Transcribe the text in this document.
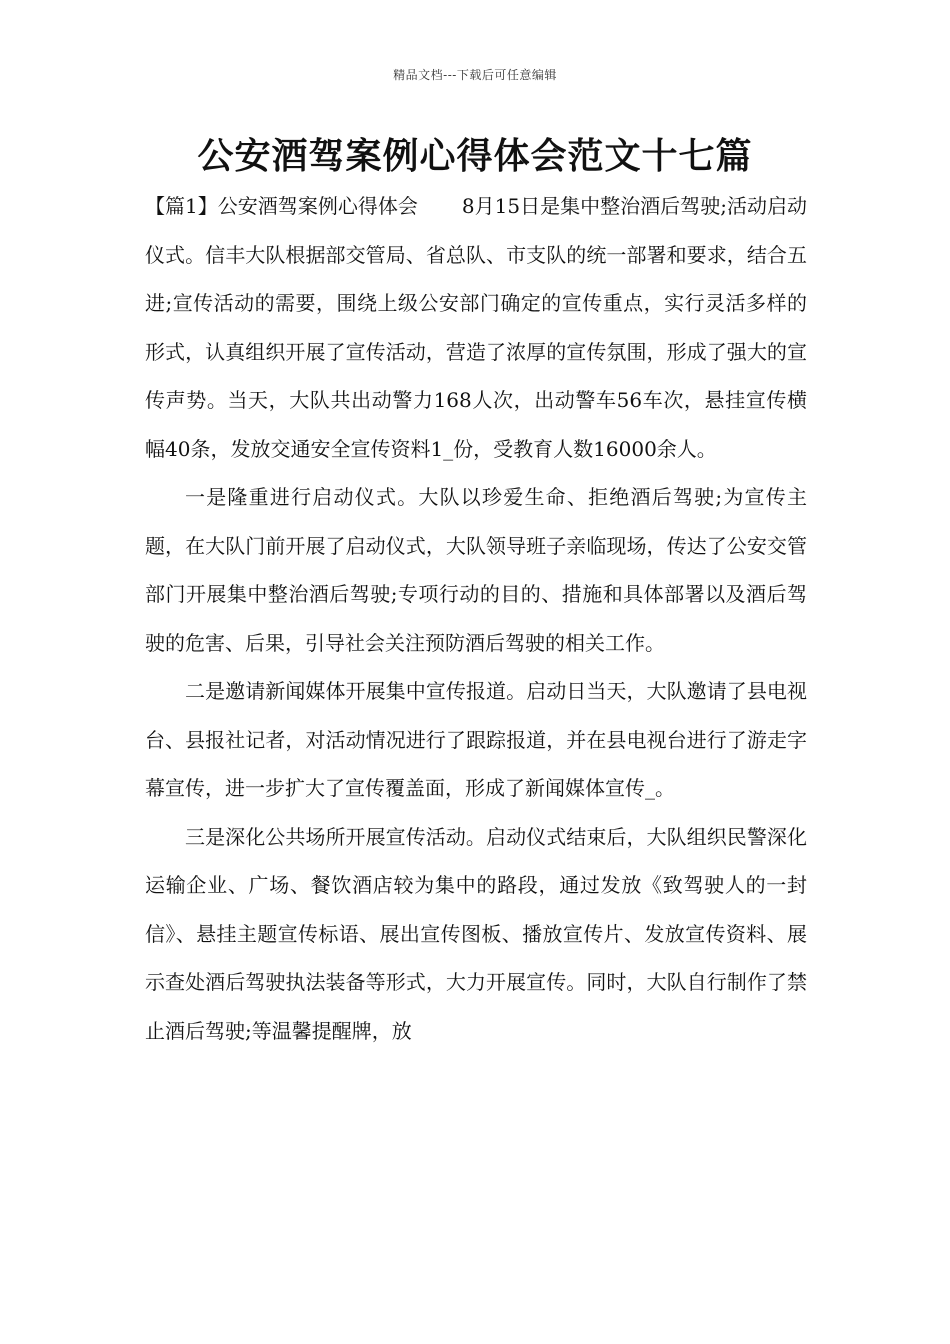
精品文档---下载后可任意编辑
公安酒驾案例心得体会范文十七篇

【篇1】公安酒驾案例心得体会 8月15日是集中整治酒后驾驶;活动启动仪式。信丰大队根据部交管局、省总队、市支队的统一部署和要求，结合五进;宣传活动的需要，围绕上级公安部门确定的宣传重点，实行灵活多样的形式，认真组织开展了宣传活动，营造了浓厚的宣传氛围，形成了强大的宣传声势。当天，大队共出动警力168人次，出动警车56车次，悬挂宣传横幅40条，发放交通安全宣传资料1_份，受教育人数16000余人。

一是隆重进行启动仪式。大队以珍爱生命、拒绝酒后驾驶;为宣传主题，在大队门前开展了启动仪式，大队领导班子亲临现场，传达了公安交管部门开展集中整治酒后驾驶;专项行动的目的、措施和具体部署以及酒后驾驶的危害、后果，引导社会关注预防酒后驾驶的相关工作。

二是邀请新闻媒体开展集中宣传报道。启动日当天，大队邀请了县电视台、县报社记者，对活动情况进行了跟踪报道，并在县电视台进行了游走字幕宣传，进一步扩大了宣传覆盖面，形成了新闻媒体宣传_。

三是深化公共场所开展宣传活动。启动仪式结束后，大队组织民警深化运输企业、广场、餐饮酒店较为集中的路段，通过发放《致驾驶人的一封信》、悬挂主题宣传标语、展出宣传图板、播放宣传片、发放宣传资料、展示查处酒后驾驶执法装备等形式，大力开展宣传。同时，大队自行制作了禁止酒后驾驶;等温馨提醒牌，放
